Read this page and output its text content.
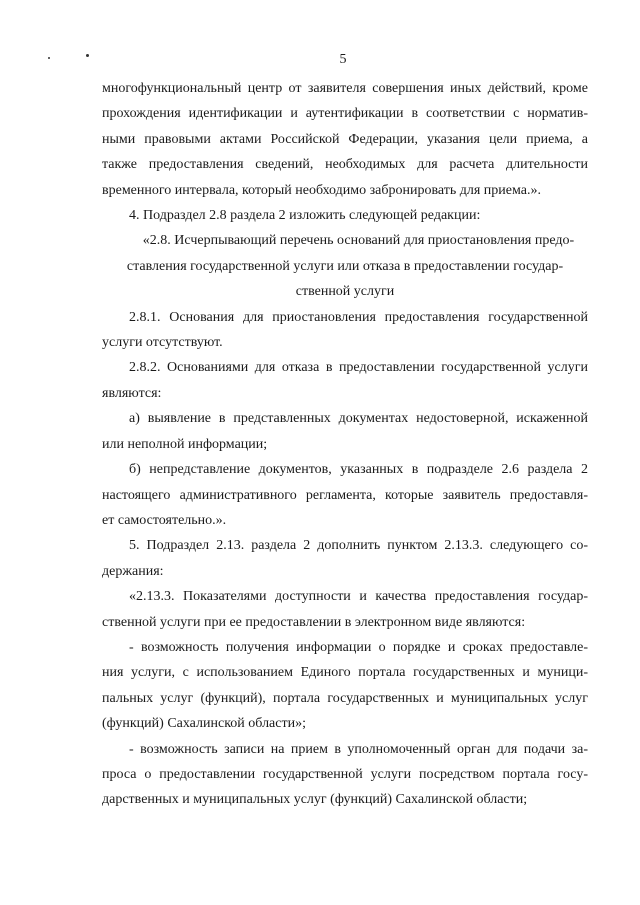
5
многофункциональный центр от заявителя совершения иных действий, кроме
прохождения идентификации и аутентификации в соответствии с норматив-
ными правовыми актами Российской Федерации, указания цели приема, а
также предоставления сведений, необходимых для расчета длительности
временного интервала, который необходимо забронировать для приема.».
4. Подраздел 2.8 раздела 2 изложить следующей редакции:
«2.8. Исчерпывающий перечень оснований для приостановления предо-
ставления государственной услуги или отказа в предоставлении государ-
ственной услуги
2.8.1. Основания для приостановления предоставления государственной
услуги отсутствуют.
2.8.2. Основаниями для отказа в предоставлении государственной услуги
являются:
а) выявление в представленных документах недостоверной, искаженной
или неполной информации;
б) непредставление документов, указанных в подразделе 2.6 раздела 2
настоящего административного регламента, которые заявитель предоставля-
ет самостоятельно.».
5. Подраздел 2.13. раздела 2 дополнить пунктом 2.13.3. следующего со-
держания:
«2.13.3. Показателями доступности и качества предоставления государ-
ственной услуги при ее предоставлении в электронном виде являются:
- возможность получения информации о порядке и сроках предоставле-
ния услуги, с использованием Единого портала государственных и муници-
пальных услуг (функций), портала государственных и муниципальных услуг
(функций) Сахалинской области»;
- возможность записи на прием в уполномоченный орган для подачи за-
проса о предоставлении государственной услуги посредством портала госу-
дарственных и муниципальных услуг (функций) Сахалинской области;
